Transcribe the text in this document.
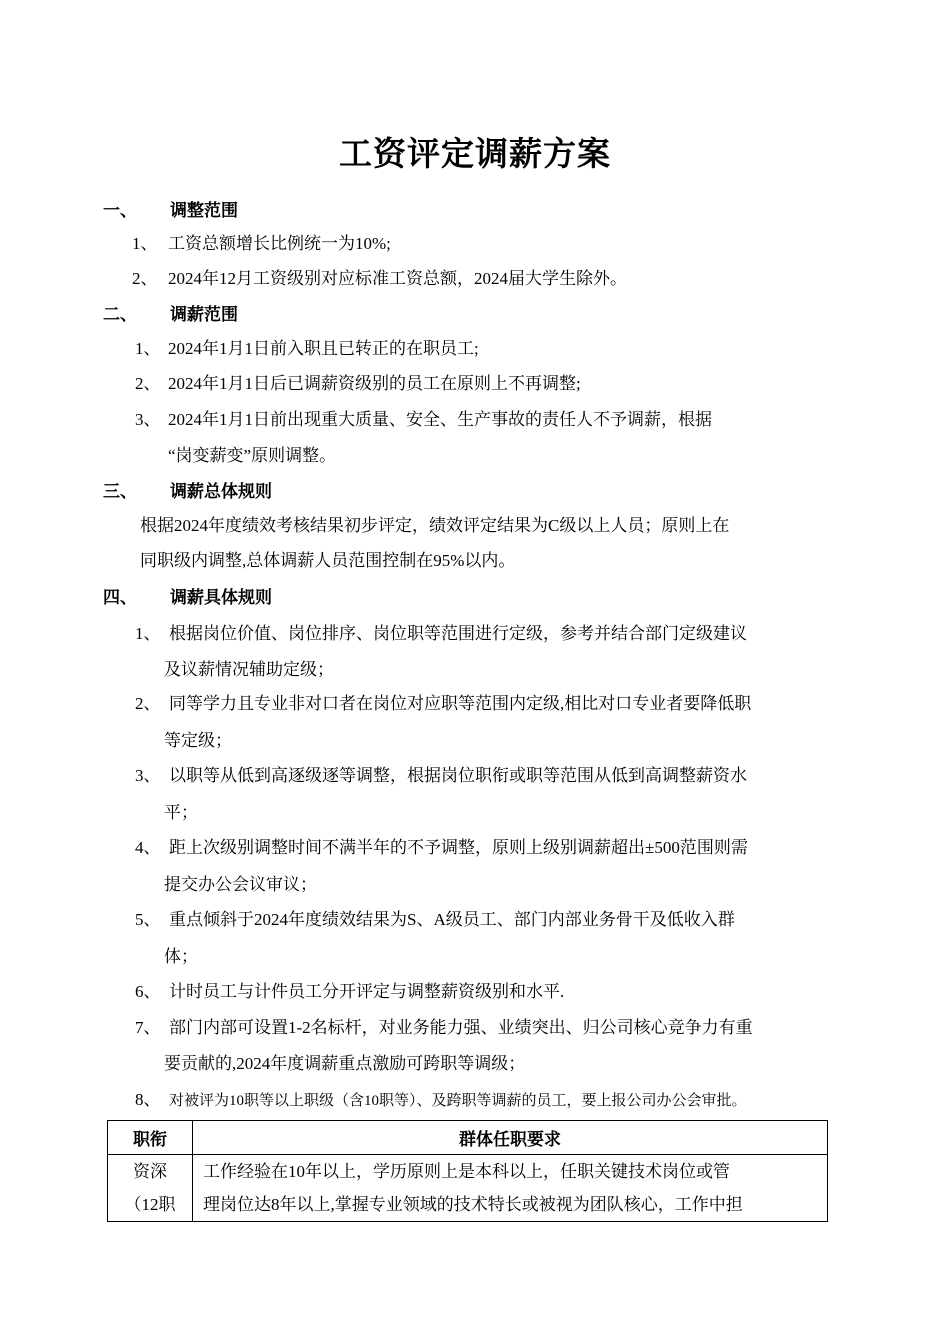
工资评定调薪方案
一、 调整范围
1、 工资总额增长比例统一为10%;
2、 2024年12月工资级别对应标准工资总额，2024届大学生除外。
二、 调薪范围
1、 2024年1月1日前入职且已转正的在职员工;
2、 2024年1月1日后已调薪资级别的员工在原则上不再调整;
3、 2024年1月1日前出现重大质量、安全、生产事故的责任人不予调薪，根据
“岗变薪变”原则调整。
三、 调薪总体规则
根据2024年度绩效考核结果初步评定，绩效评定结果为C级以上人员；原则上在
同职级内调整,总体调薪人员范围控制在95%以内。
四、 调薪具体规则
1、 根据岗位价值、岗位排序、岗位职等范围进行定级，参考并结合部门定级建议
及议薪情况辅助定级；
2、 同等学力且专业非对口者在岗位对应职等范围内定级,相比对口专业者要降低职
等定级；
3、 以职等从低到高逐级逐等调整，根据岗位职衔或职等范围从低到高调整薪资水
平；
4、 距上次级别调整时间不满半年的不予调整，原则上级别调薪超出±500范围则需
提交办公会议审议；
5、 重点倾斜于2024年度绩效结果为S、A级员工、部门内部业务骨干及低收入群
体；
6、 计时员工与计件员工分开评定与调整薪资级别和水平.
7、 部门内部可设置1-2名标杆，对业务能力强、业绩突出、归公司核心竞争力有重
要贡献的,2024年度调薪重点激励可跨职等调级；
8、 对被评为10职等以上职级（含10职等）、及跨职等调薪的员工，要上报公司办公会审批。
职衔	群体任职要求

资深
（12职	工作经验在10年以上，学历原则上是本科以上，任职关键技术岗位或管
理岗位达8年以上,掌握专业领域的技术特长或被视为团队核心，工作中担
